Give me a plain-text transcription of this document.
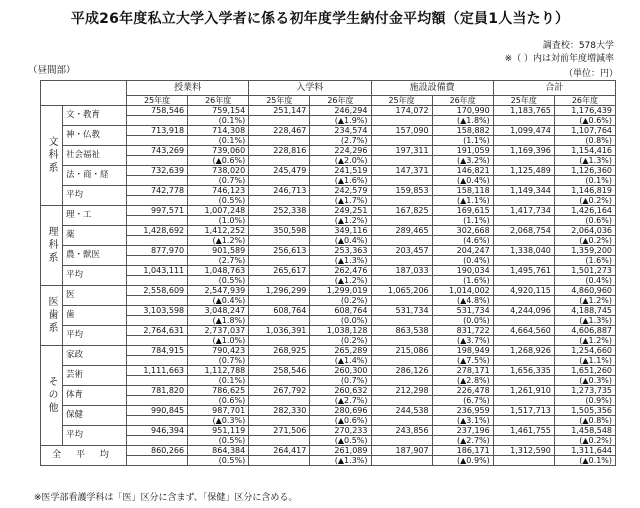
平成26年度私立大学入学者に係る初年度学生納付金平均額（定員1人当たり）
（昼間部）
調査校：578大学
※（ ）内は対前年度増減率
（単位：円）
		授業料		入学料		施設設備費		合計	
		25年度	26年度	25年度	26年度	25年度	26年度	25年度	26年度
文科系	文・教育	758,546	759,154	251,147	246,294	174,072	170,990	1,183,765	1,176,439
			(0.1%)		(▲1.9%)		(▲1.8%)		(▲0.6%)
	神・仏教	713,918	714,308	228,467	234,574	157,090	158,882	1,099,474	1,107,764
			(0.1%)		(2.7%)		(1.1%)		(0.8%)
	社会福祉	743,269	739,060	228,816	224,296	197,311	191,059	1,169,396	1,154,416
			(▲0.6%)		(▲2.0%)		(▲3.2%)		(▲1.3%)
	法・商・経	732,639	738,020	245,479	241,519	147,371	146,821	1,125,489	1,126,360
			(0.7%)		(▲1.6%)		(▲0.4%)		(0.1%)
	平均	742,778	746,123	246,713	242,579	159,853	158,118	1,149,344	1,146,819
			(0.5%)		(▲1.7%)		(▲1.1%)		(▲0.2%)
理科系	理・工	997,571	1,007,248	252,338	249,251	167,825	169,615	1,417,734	1,426,164
			(1.0%)		(▲1.2%)		(1.1%)		(0.6%)
	薬	1,428,692	1,412,252	350,598	349,116	289,465	302,668	2,068,754	2,064,036
			(▲1.2%)		(▲0.4%)		(4.6%)		(▲0.2%)
	農・獣医	877,970	901,589	256,613	253,363	203,457	204,247	1,338,040	1,359,200
			(2.7%)		(▲1.3%)		(0.4%)		(1.6%)
	平均	1,043,111	1,048,763	265,617	262,476	187,033	190,034	1,495,761	1,501,273
			(0.5%)		(▲1.2%)		(1.6%)		(0.4%)
医歯系	医	2,558,609	2,547,939	1,296,299	1,299,019	1,065,206	1,014,002	4,920,115	4,860,960
			(▲0.4%)		(0.2%)		(▲4.8%)		(▲1.2%)
	歯	3,103,598	3,048,247	608,764	608,764	531,734	531,734	4,244,096	4,188,745
			(▲1.8%)		(0.0%)		(0.0%)		(▲1.3%)
	平均	2,764,631	2,737,037	1,036,391	1,038,128	863,538	831,722	4,664,560	4,606,887
			(▲1.0%)		(0.2%)		(▲3.7%)		(▲1.2%)
その他	家政	784,915	790,423	268,925	265,289	215,086	198,949	1,268,926	1,254,660
			(0.7%)		(▲1.4%)		(▲7.5%)		(▲1.1%)
	芸術	1,111,663	1,112,788	258,546	260,300	286,126	278,171	1,656,335	1,651,260
			(0.1%)		(0.7%)		(▲2.8%)		(▲0.3%)
	体育	781,820	786,625	267,792	260,632	212,298	226,478	1,261,910	1,273,735
			(0.6%)		(▲2.7%)		(6.7%)		(0.9%)
	保健	990,845	987,701	282,330	280,696	244,538	236,959	1,517,713	1,505,356
			(▲0.3%)		(▲0.6%)		(▲3.1%)		(▲0.8%)
	平均	946,394	951,119	271,506	270,233	243,856	237,196	1,461,755	1,458,548
			(0.5%)		(▲0.5%)		(▲2.7%)		(▲0.2%)
全 平 均		860,266	864,384	264,417	261,089	187,907	186,171	1,312,590	1,311,644
			(0.5%)		(▲1.3%)		(▲0.9%)		(▲0.1%)
※医学部看護学科は「医」区分に含まず、「保健」区分に含める。
